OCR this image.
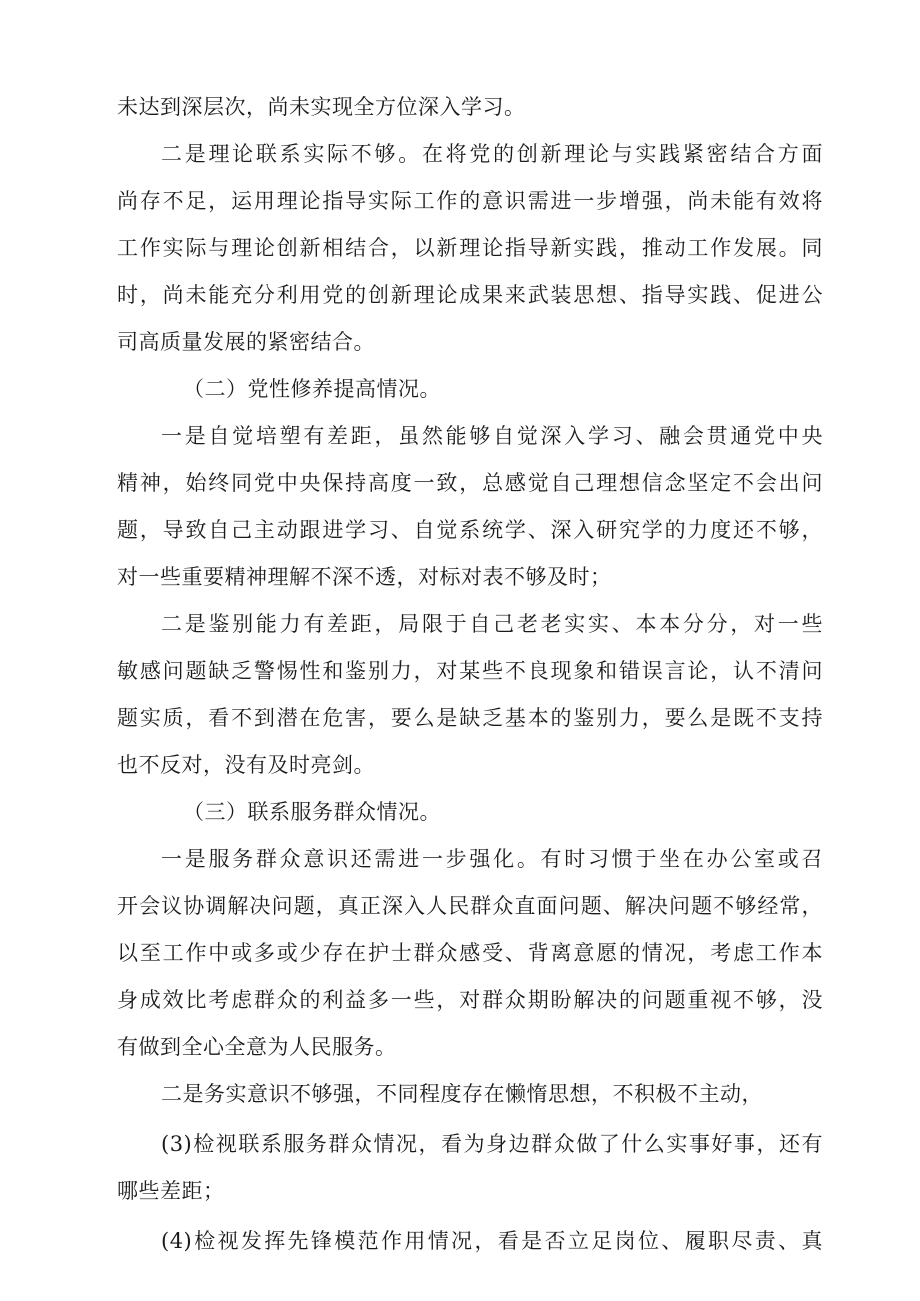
未达到深层次，尚未实现全方位深入学习。
二是理论联系实际不够。在将党的创新理论与实践紧密结合方面
尚存不足，运用理论指导实际工作的意识需进一步增强，尚未能有效将
工作实际与理论创新相结合，以新理论指导新实践，推动工作发展。同
时，尚未能充分利用党的创新理论成果来武装思想、指导实践、促进公
司高质量发展的紧密结合。
（二）党性修养提高情况。
一是自觉培塑有差距，虽然能够自觉深入学习、融会贯通党中央
精神，始终同党中央保持高度一致，总感觉自己理想信念坚定不会出问
题，导致自己主动跟进学习、自觉系统学、深入研究学的力度还不够，
对一些重要精神理解不深不透，对标对表不够及时；
二是鉴别能力有差距，局限于自己老老实实、本本分分，对一些
敏感问题缺乏警惕性和鉴别力，对某些不良现象和错误言论，认不清问
题实质，看不到潜在危害，要么是缺乏基本的鉴别力，要么是既不支持
也不反对，没有及时亮剑。
（三）联系服务群众情况。
一是服务群众意识还需进一步强化。有时习惯于坐在办公室或召
开会议协调解决问题，真正深入人民群众直面问题、解决问题不够经常，
以至工作中或多或少存在护士群众感受、背离意愿的情况，考虑工作本
身成效比考虑群众的利益多一些，对群众期盼解决的问题重视不够，没
有做到全心全意为人民服务。
二是务实意识不够强，不同程度存在懒惰思想，不积极不主动，
(3)检视联系服务群众情况，看为身边群众做了什么实事好事，还有
哪些差距；
(4)检视发挥先锋模范作用情况，看是否立足岗位、履职尽责、真
